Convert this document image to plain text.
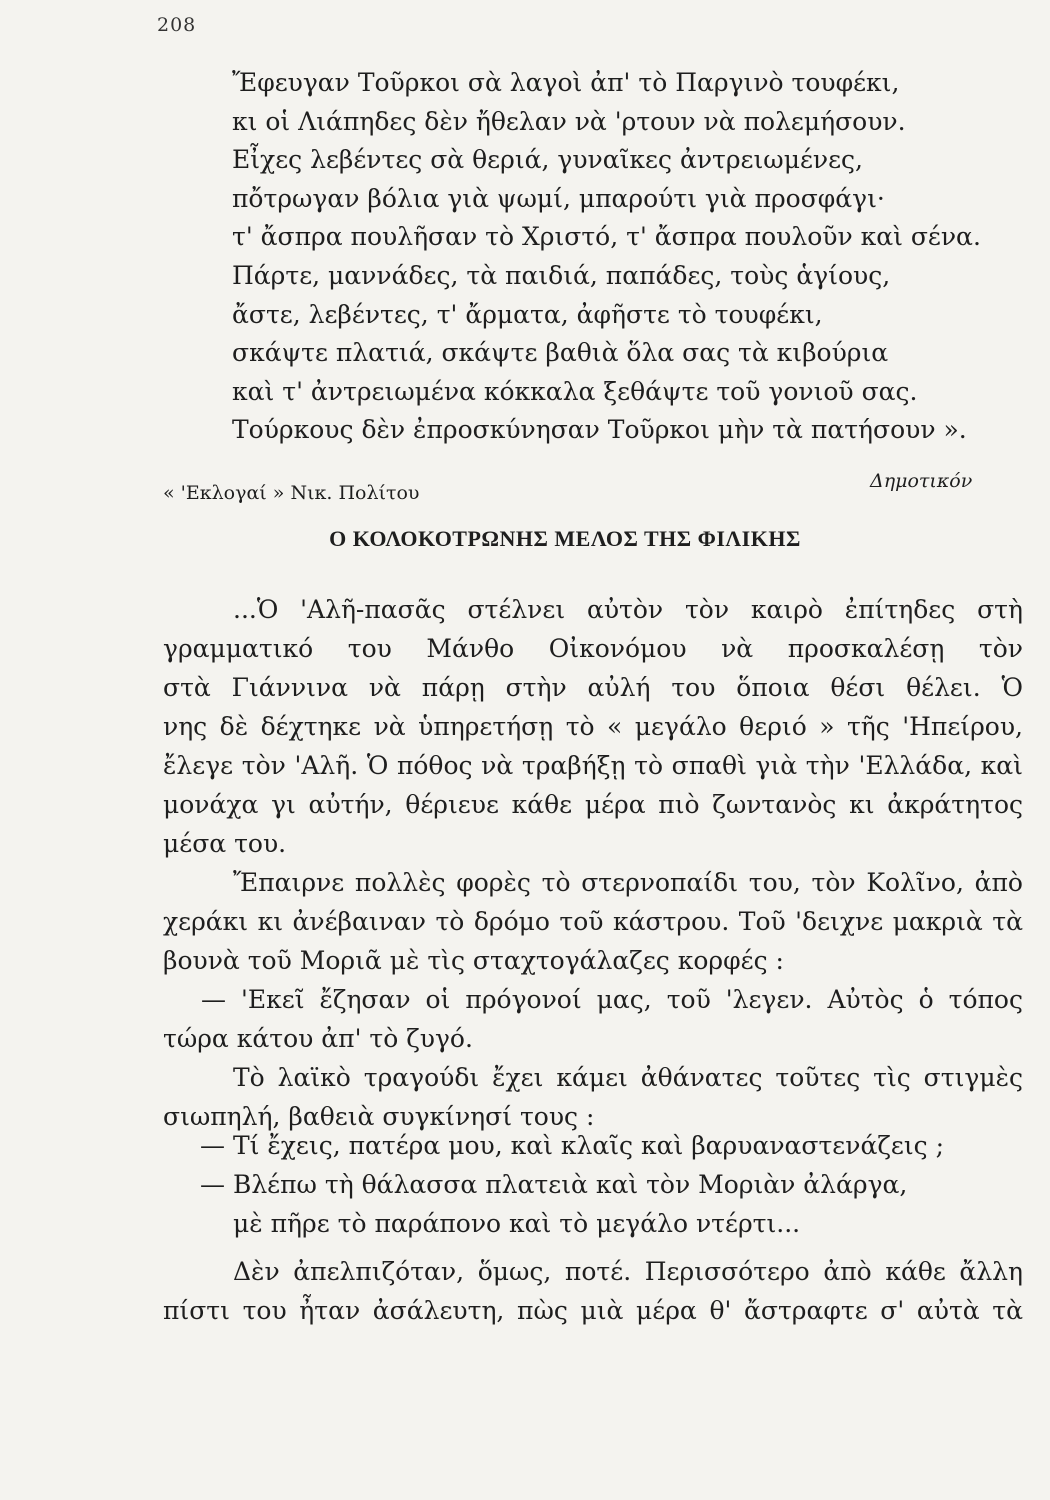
208
Ἔφευγαν Τοῦρκοι σὰ λαγοὶ ἀπ' τὸ Παργινὸ τουφέκι,
κι οἱ Λιάπηδες δὲν ἤθελαν νὰ 'ρτουν νὰ πολεμήσουν.
Εἶχες λεβέντες σὰ θεριά, γυναῖκες ἀντρειωμένες,
πὄτρωγαν βόλια γιὰ ψωμί, μπαρούτι γιὰ προσφάγι·
τ' ἄσπρα πουλῆσαν τὸ Χριστό, τ' ἄσπρα πουλοῦν καὶ σένα.
Πάρτε, μαννάδες, τὰ παιδιά, παπάδες, τοὺς ἁγίους,
ἄστε, λεβέντες, τ' ἄρματα, ἀφῆστε τὸ τουφέκι,
σκάψτε πλατιά, σκάψτε βαθιὰ ὅλα σας τὰ κιβούρια
καὶ τ' ἀντρειωμένα κόκκαλα ξεθάψτε τοῦ γονιοῦ σας.
Τούρκους δὲν ἐπροσκύνησαν Τοῦρκοι μὴν τὰ πατήσουν ».
« 'Εκλογαί » Νικ. Πολίτου
Δημοτικόν
Ο ΚΟΛΟΚΟΤΡΩΝΗΣ ΜΕΛΟΣ ΤΗΣ ΦΙΛΙΚΗΣ
...Ὁ 'Αλῆ-πασᾶς στέλνει αὐτὸν τὸν καιρὸ ἐπίτηδες στὴ
γραμματικό του Μάνθο Οἰκονόμου νὰ προσκαλέσῃ τὸν
στὰ Γιάννινα νὰ πάρῃ στὴν αὐλή του ὅποια θέσι θέλει. Ὁ
νης δὲ δέχτηκε νὰ ὑπηρετήσῃ τὸ « μεγάλο θεριό » τῆς 'Ηπείρου,
ἔλεγε τὸν 'Αλῆ. Ὁ πόθος νὰ τραβήξῃ τὸ σπαθὶ γιὰ τὴν 'Ελλάδα, καὶ
μονάχα γι αὐτήν, θέριευε κάθε μέρα πιὸ ζωντανὸς κι ἀκράτητος
μέσα του.
Ἔπαιρνε πολλὲς φορὲς τὸ στερνοπαίδι του, τὸν Κολῖνο, ἀπὸ
χεράκι κι ἀνέβαιναν τὸ δρόμο τοῦ κάστρου. Τοῦ 'δειχνε μακριὰ τὰ
βουνὰ τοῦ Μοριᾶ μὲ τὶς σταχτογάλαζες κορφές :
— 'Εκεῖ ἔζησαν οἱ πρόγονοί μας, τοῦ 'λεγεν. Αὐτὸς ὁ τόπος
τώρα κάτου ἀπ' τὸ ζυγό.
Τὸ λαϊκὸ τραγούδι ἔχει κάμει ἀθάνατες τοῦτες τὶς στιγμὲς
σιωπηλή, βαθειὰ συγκίνησί τους :
— Τί ἔχεις, πατέρα μου, καὶ κλαῖς καὶ βαρυαναστενάζεις ;
— Βλέπω τὴ θάλασσα πλατειὰ καὶ τὸν Μοριὰν ἀλάργα,
μὲ πῆρε τὸ παράπονο καὶ τὸ μεγάλο ντέρτι...
Δὲν ἀπελπιζόταν, ὅμως, ποτέ. Περισσότερο ἀπὸ κάθε ἄλλη
πίστι του ἦταν ἀσάλευτη, πὼς μιὰ μέρα θ' ἄστραφτε σ' αὐτὰ τὰ
